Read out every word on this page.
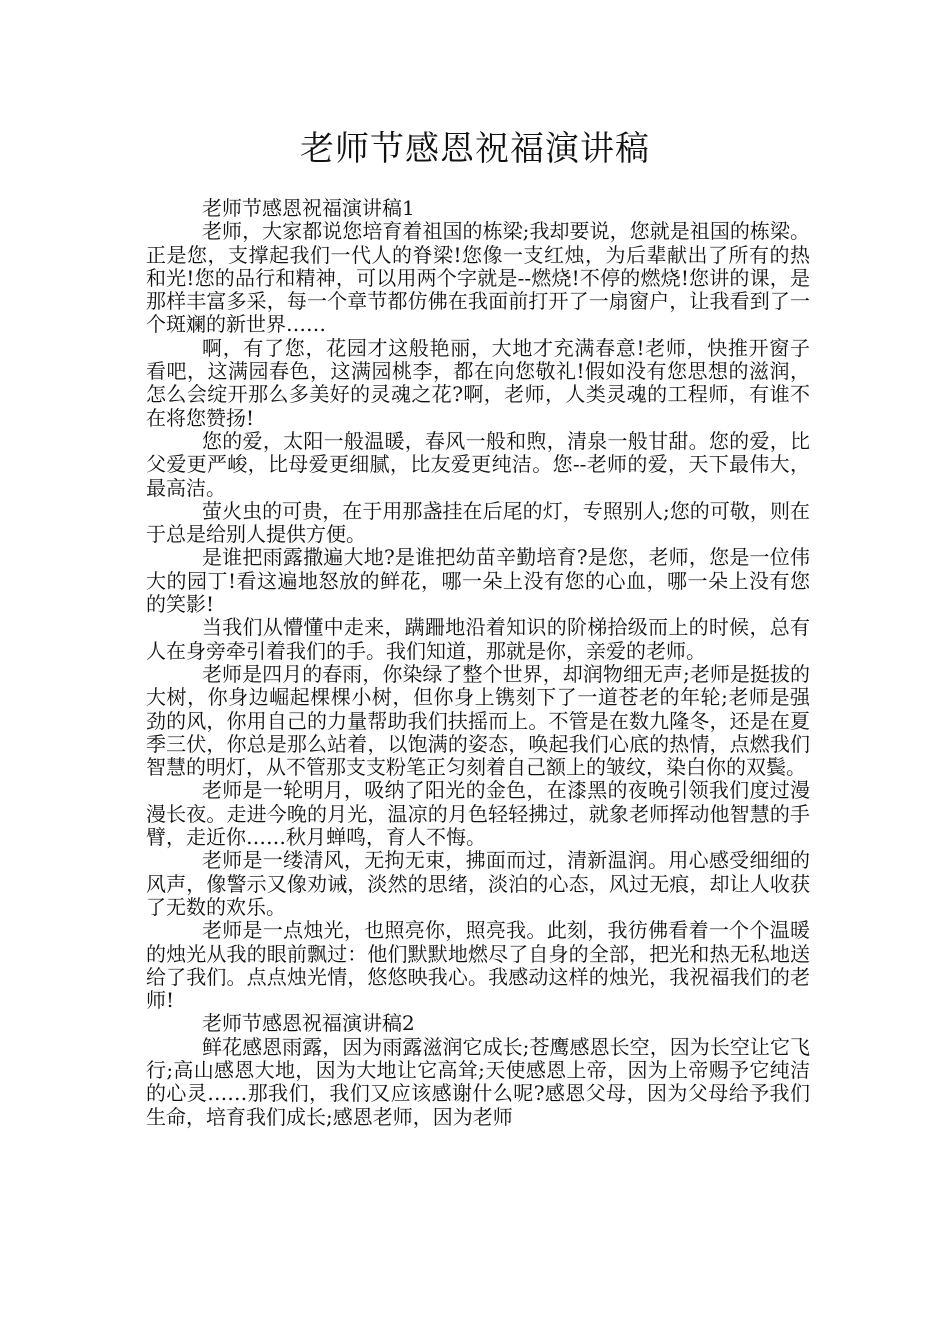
老师节感恩祝福演讲稿

老师节感恩祝福演讲稿1

老师，大家都说您培育着祖国的栋梁;我却要说，您就是祖国的栋梁。正是您，支撑起我们一代人的脊梁!您像一支红烛，为后辈献出了所有的热和光!您的品行和精神，可以用两个字就是--燃烧!不停的燃烧!您讲的课，是那样丰富多采，每一个章节都仿佛在我面前打开了一扇窗户，让我看到了一个斑斓的新世界……

啊，有了您，花园才这般艳丽，大地才充满春意!老师，快推开窗子看吧，这满园春色，这满园桃李，都在向您敬礼!假如没有您思想的滋润，怎么会绽开那么多美好的灵魂之花?啊，老师，人类灵魂的工程师，有谁不在将您赞扬!

您的爱，太阳一般温暖，春风一般和煦，清泉一般甘甜。您的爱，比父爱更严峻，比母爱更细腻，比友爱更纯洁。您--老师的爱，天下最伟大，最高洁。

萤火虫的可贵，在于用那盏挂在后尾的灯，专照别人;您的可敬，则在于总是给别人提供方便。

是谁把雨露撒遍大地?是谁把幼苗辛勤培育?是您，老师，您是一位伟大的园丁!看这遍地怒放的鲜花，哪一朵上没有您的心血，哪一朵上没有您的笑影!

当我们从懵懂中走来，蹒跚地沿着知识的阶梯拾级而上的时候，总有人在身旁牵引着我们的手。我们知道，那就是你，亲爱的老师。

老师是四月的春雨，你染绿了整个世界，却润物细无声;老师是挺拔的大树，你身边崛起棵棵小树，但你身上镌刻下了一道苍老的年轮;老师是强劲的风，你用自己的力量帮助我们扶摇而上。不管是在数九隆冬，还是在夏季三伏，你总是那么站着，以饱满的姿态，唤起我们心底的热情，点燃我们智慧的明灯，从不管那支支粉笔正匀刻着自己额上的皱纹，染白你的双鬓。

老师是一轮明月，吸纳了阳光的金色，在漆黑的夜晚引领我们度过漫漫长夜。走进今晚的月光，温凉的月色轻轻拂过，就象老师挥动他智慧的手臂，走近你……秋月蝉鸣，育人不悔。

老师是一缕清风，无拘无束，拂面而过，清新温润。用心感受细细的风声，像警示又像劝诫，淡然的思绪，淡泊的心态，风过无痕，却让人收获了无数的欢乐。

老师是一点烛光，也照亮你，照亮我。此刻，我彷佛看着一个个温暖的烛光从我的眼前飘过：他们默默地燃尽了自身的全部，把光和热无私地送给了我们。点点烛光情，悠悠映我心。我感动这样的烛光，我祝福我们的老师!

老师节感恩祝福演讲稿2

鲜花感恩雨露，因为雨露滋润它成长;苍鹰感恩长空，因为长空让它飞行;高山感恩大地，因为大地让它高耸;天使感恩上帝，因为上帝赐予它纯洁的心灵……那我们，我们又应该感谢什么呢?感恩父母，因为父母给予我们生命，培育我们成长;感恩老师，因为老师
